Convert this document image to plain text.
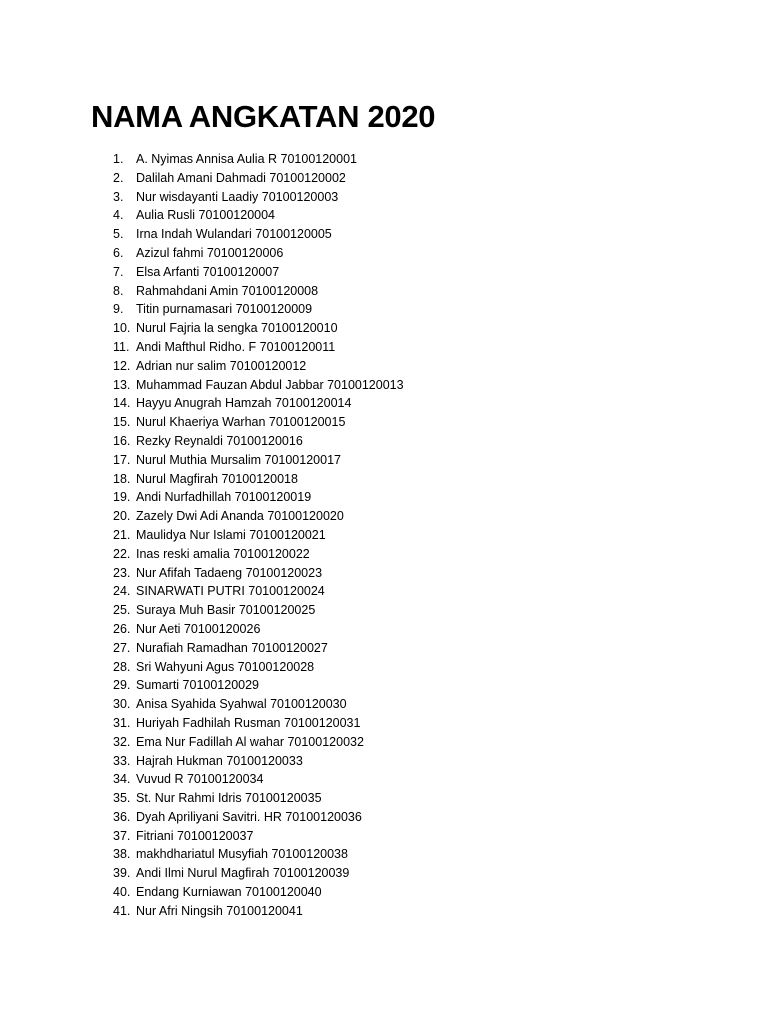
NAMA ANGKATAN 2020
1. A. Nyimas Annisa Aulia R 70100120001
2. Dalilah Amani Dahmadi 70100120002
3. Nur wisdayanti Laadiy 70100120003
4. Aulia Rusli 70100120004
5. Irna Indah Wulandari 70100120005
6. Azizul fahmi 70100120006
7. Elsa Arfanti 70100120007
8. Rahmahdani Amin 70100120008
9. Titin purnamasari 70100120009
10. Nurul Fajria la sengka 70100120010
11. Andi Mafthul Ridho. F 70100120011
12. Adrian nur salim 70100120012
13. Muhammad Fauzan Abdul Jabbar 70100120013
14. Hayyu Anugrah Hamzah 70100120014
15. Nurul Khaeriya Warhan 70100120015
16. Rezky Reynaldi 70100120016
17. Nurul Muthia Mursalim 70100120017
18. Nurul Magfirah 70100120018
19. Andi Nurfadhillah 70100120019
20. Zazely Dwi Adi Ananda 70100120020
21. Maulidya Nur Islami 70100120021
22. Inas reski amalia 70100120022
23. Nur Afifah Tadaeng 70100120023
24. SINARWATI PUTRI 70100120024
25. Suraya Muh Basir 70100120025
26. Nur Aeti 70100120026
27. Nurafiah Ramadhan 70100120027
28. Sri Wahyuni Agus 70100120028
29. Sumarti 70100120029
30. Anisa Syahida Syahwal 70100120030
31. Huriyah Fadhilah Rusman 70100120031
32. Ema Nur Fadillah Al wahar 70100120032
33. Hajrah Hukman 70100120033
34. Vuvud R 70100120034
35. St. Nur Rahmi Idris 70100120035
36. Dyah Apriliyani Savitri. HR 70100120036
37. Fitriani 70100120037
38. makhdhariatul Musyfiah 70100120038
39. Andi Ilmi Nurul Magfirah 70100120039
40. Endang Kurniawan 70100120040
41. Nur Afri Ningsih 70100120041
